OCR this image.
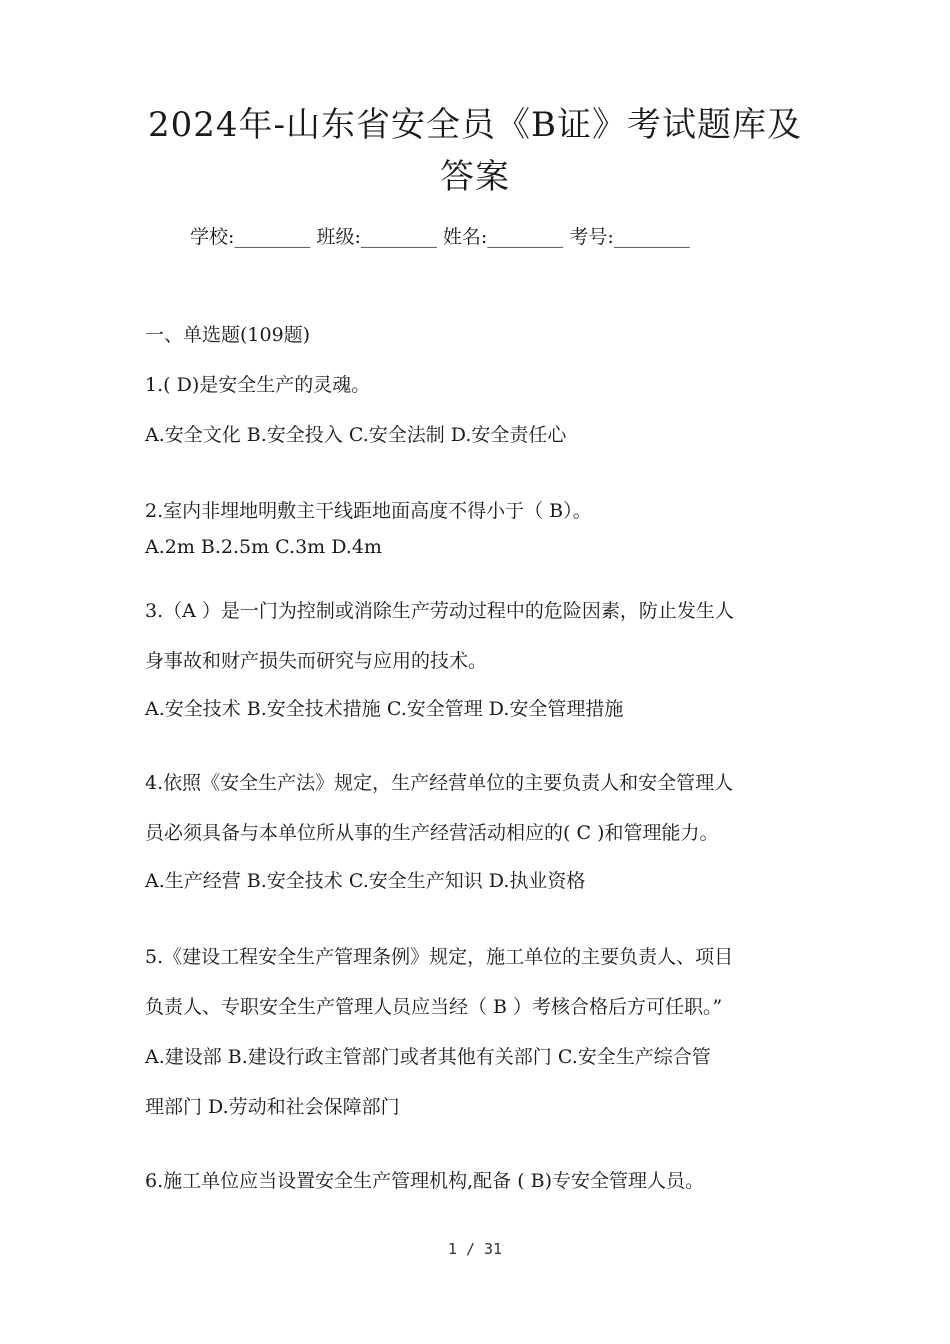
2024年-山东省安全员《B证》考试题库及
答案
学校:________ 班级:________ 姓名:________ 考号:________
一、单选题(109题)
1.( D)是安全生产的灵魂。
A.安全文化 B.安全投入 C.安全法制 D.安全责任心
2.室内非埋地明敷主干线距地面高度不得小于（ B）。
A.2m B.2.5m C.3m D.4m
3.（A ）是一门为控制或消除生产劳动过程中的危险因素，防止发生人
身事故和财产损失而研究与应用的技术。
A.安全技术 B.安全技术措施 C.安全管理 D.安全管理措施
4.依照《安全生产法》规定，生产经营单位的主要负责人和安全管理人
员必须具备与本单位所从事的生产经营活动相应的( C )和管理能力。
A.生产经营 B.安全技术 C.安全生产知识 D.执业资格
5.《建设工程安全生产管理条例》规定，施工单位的主要负责人、项目
负责人、专职安全生产管理人员应当经（ B ）考核合格后方可任职。”
A.建设部 B.建设行政主管部门或者其他有关部门 C.安全生产综合管
理部门 D.劳动和社会保障部门
6.施工单位应当设置安全生产管理机构,配备 ( B)专安全管理人员。
1 / 31
